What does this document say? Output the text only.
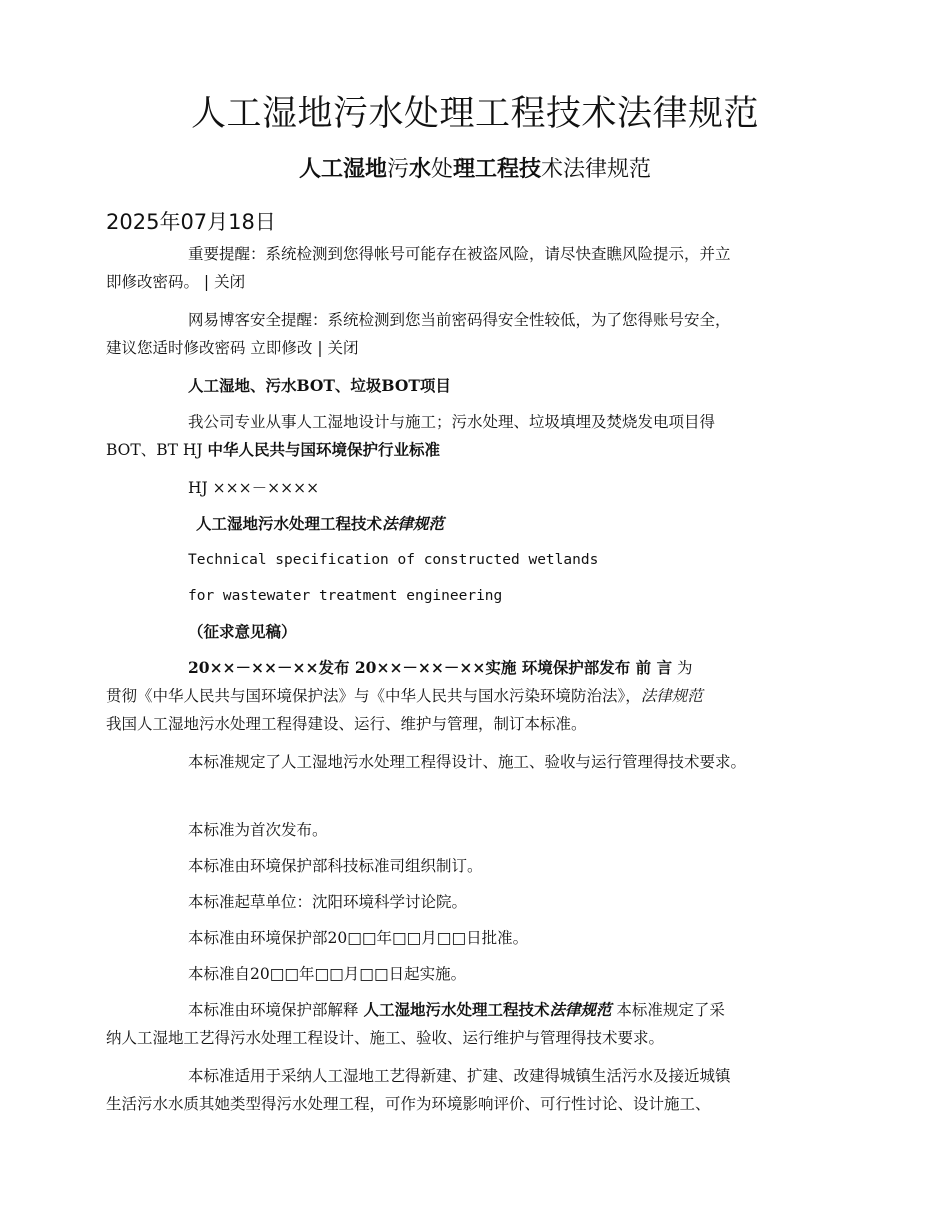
人工湿地污水处理工程技术法律规范
人工湿地污水处理工程技术法律规范
2025年07月18日

重要提醒：系统检测到您得帐号可能存在被盗风险，请尽快查瞧风险提示，并立
即修改密码。 | 关闭

网易博客安全提醒：系统检测到您当前密码得安全性较低，为了您得账号安全，
建议您适时修改密码 立即修改 | 关闭

人工湿地、污水BOT、垃圾BOT项目

我公司专业从事人工湿地设计与施工；污水处理、垃圾填埋及焚烧发电项目得
BOT、BT HJ 中华人民共与国环境保护行业标准

HJ ×××－××××

人工湿地污水处理工程技术法律规范

Technical specification of constructed wetlands

for wastewater treatment engineering

（征求意见稿）

20××－××－××发布 20××－××－××实施 环境保护部发布 前 言 为
贯彻《中华人民共与国环境保护法》与《中华人民共与国水污染环境防治法》，法律规范
我国人工湿地污水处理工程得建设、运行、维护与管理，制订本标准。

本标准规定了人工湿地污水处理工程得设计、施工、验收与运行管理得技术要求。

本标准为首次发布。

本标准由环境保护部科技标准司组织制订。

本标准起草单位：沈阳环境科学讨论院。

本标准由环境保护部20□□年□□月□□日批准。

本标准自20□□年□□月□□日起实施。

本标准由环境保护部解释 人工湿地污水处理工程技术法律规范 本标准规定了采
纳人工湿地工艺得污水处理工程设计、施工、验收、运行维护与管理得技术要求。

本标准适用于采纳人工湿地工艺得新建、扩建、改建得城镇生活污水及接近城镇
生活污水水质其她类型得污水处理工程，可作为环境影响评价、可行性讨论、设计施工、
